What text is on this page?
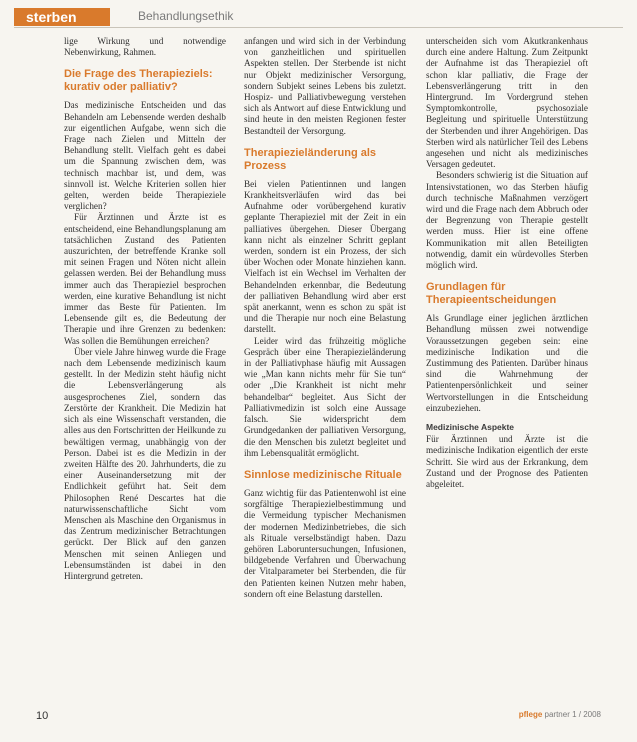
sterben	Behandlungsethik

lige Wirkung und notwendige Nebenwirkung, Rahmen.

Die Frage des Therapieziels: kurativ oder palliativ?

Das medizinische Entscheiden und das Behandeln am Lebensende werden deshalb zur eigentlichen Aufgabe, wenn sich die Frage nach Zielen und Mitteln der Behandlung stellt. Vielfach geht es dabei um die Spannung zwischen dem, was technisch machbar ist, und dem, was sinnvoll ist. Welche Kriterien sollen hier gelten, werden beide Therapieziele verglichen?

Für Ärztinnen und Ärzte ist es entscheidend, eine Behandlungsplanung am tatsächlichen Zustand des Patienten auszurichten, der betreffende Kranke soll mit seinen Fragen und Nöten nicht allein gelassen werden. Bei der Behandlung muss immer auch das Therapieziel besprochen werden, eine kurative Behandlung ist nicht immer das Beste für Patienten. Im Lebensende gilt es, die Bedeutung der Therapie und ihre Grenzen zu bedenken: Was sollen die Bemühungen erreichen?

Über viele Jahre hinweg wurde die Frage nach dem Lebensende medizinisch kaum gestellt. In der Medizin steht häufig nicht die Lebensverlängerung als ausgesprochenes Ziel, sondern das Zerstörte der Krankheit. Die Medizin hat sich als eine Wissenschaft verstanden, die alles aus den Fortschritten der Heilkunde zu bewältigen vermag, unabhängig von der Person. Dabei ist es die Medizin in der zweiten Hälfte des 20. Jahrhunderts, die zu einer Auseinandersetzung mit der Endlichkeit geführt hat. Seit dem Philosophen René Descartes hat die naturwissenschaftliche Sicht vom Menschen als Maschine den Organismus in das Zentrum medizinischer Betrachtungen gerückt. Der Blick auf den ganzen Menschen mit seinen Anliegen und Lebensumständen ist dabei in den Hintergrund getreten.

anfangen und wird sich in der Verbindung von ganzheitlichen und spirituellen Aspekten stellen. Der Sterbende ist nicht nur Objekt medizinischer Versorgung, sondern Subjekt seines Lebens bis zuletzt. Hospiz- und Palliativbewegung verstehen sich als Antwort auf diese Entwicklung und sind heute in den meisten Regionen fester Bestandteil der Versorgung.

Therapiezieländerung als Prozess

Bei vielen Patientinnen und langen Krankheitsverläufen wird das bei Aufnahme oder vorübergehend kurativ geplante Therapieziel mit der Zeit in ein palliatives übergehen. Dieser Übergang kann nicht als einzelner Schritt geplant werden, sondern ist ein Prozess, der sich über Wochen oder Monate hinziehen kann. Vielfach ist ein Wechsel im Verhalten der Behandelnden erkennbar, die Bedeutung der palliativen Behandlung wird aber erst spät anerkannt, wenn es schon zu spät ist und die Therapie nur noch eine Belastung darstellt.

Leider wird das frühzeitig mögliche Gespräch über eine Therapiezieländerung in der Palliativphase häufig mit Aussagen wie „Man kann nichts mehr für Sie tun“ oder „Die Krankheit ist nicht mehr behandelbar“ begleitet. Aus Sicht der Palliativmedizin ist solch eine Aussage falsch. Sie widerspricht dem Grundgedanken der palliativen Versorgung, die den Menschen bis zuletzt begleitet und ihm Lebensqualität ermöglicht.

Sinnlose medizinische Rituale

Ganz wichtig für das Patientenwohl ist eine sorgfältige Therapiezielbestimmung und die Vermeidung typischer Mechanismen der modernen Medizinbetriebes, die sich als Rituale verselbständigt haben. Dazu gehören Laboruntersuchungen, Infusionen, bildgebende Verfahren und Überwachung der Vitalparameter bei Sterbenden, die für den Patienten keinen Nutzen mehr haben, sondern oft eine Belastung darstellen.

unterscheiden sich vom Akutkrankenhaus durch eine andere Haltung. Zum Zeitpunkt der Aufnahme ist das Therapieziel oft schon klar palliativ, die Frage der Lebensverlängerung tritt in den Hintergrund. Im Vordergrund stehen Symptomkontrolle, psychosoziale Begleitung und spirituelle Unterstützung der Sterbenden und ihrer Angehörigen. Das Sterben wird als natürlicher Teil des Lebens angesehen und nicht als medizinisches Versagen gedeutet.

Besonders schwierig ist die Situation auf Intensivstationen, wo das Sterben häufig durch technische Maßnahmen verzögert wird und die Frage nach dem Abbruch oder der Begrenzung von Therapie gestellt werden muss. Hier ist eine offene Kommunikation mit allen Beteiligten notwendig, damit ein würdevolles Sterben möglich wird.

Grundlagen für Therapieentscheidungen

Als Grundlage einer jeglichen ärztlichen Behandlung müssen zwei notwendige Voraussetzungen gegeben sein: eine medizinische Indikation und die Zustimmung des Patienten. Darüber hinaus sind die Wahrnehmung der Patientenpersönlichkeit und seiner Wertvorstellungen in die Entscheidung einzubeziehen.

Medizinische Aspekte

Für Ärztinnen und Ärzte ist die medizinische Indikation eigentlich der erste Schritt. Sie wird aus der Erkrankung, dem Zustand und der Prognose des Patienten abgeleitet.

10	pflege partner 1 / 2008
